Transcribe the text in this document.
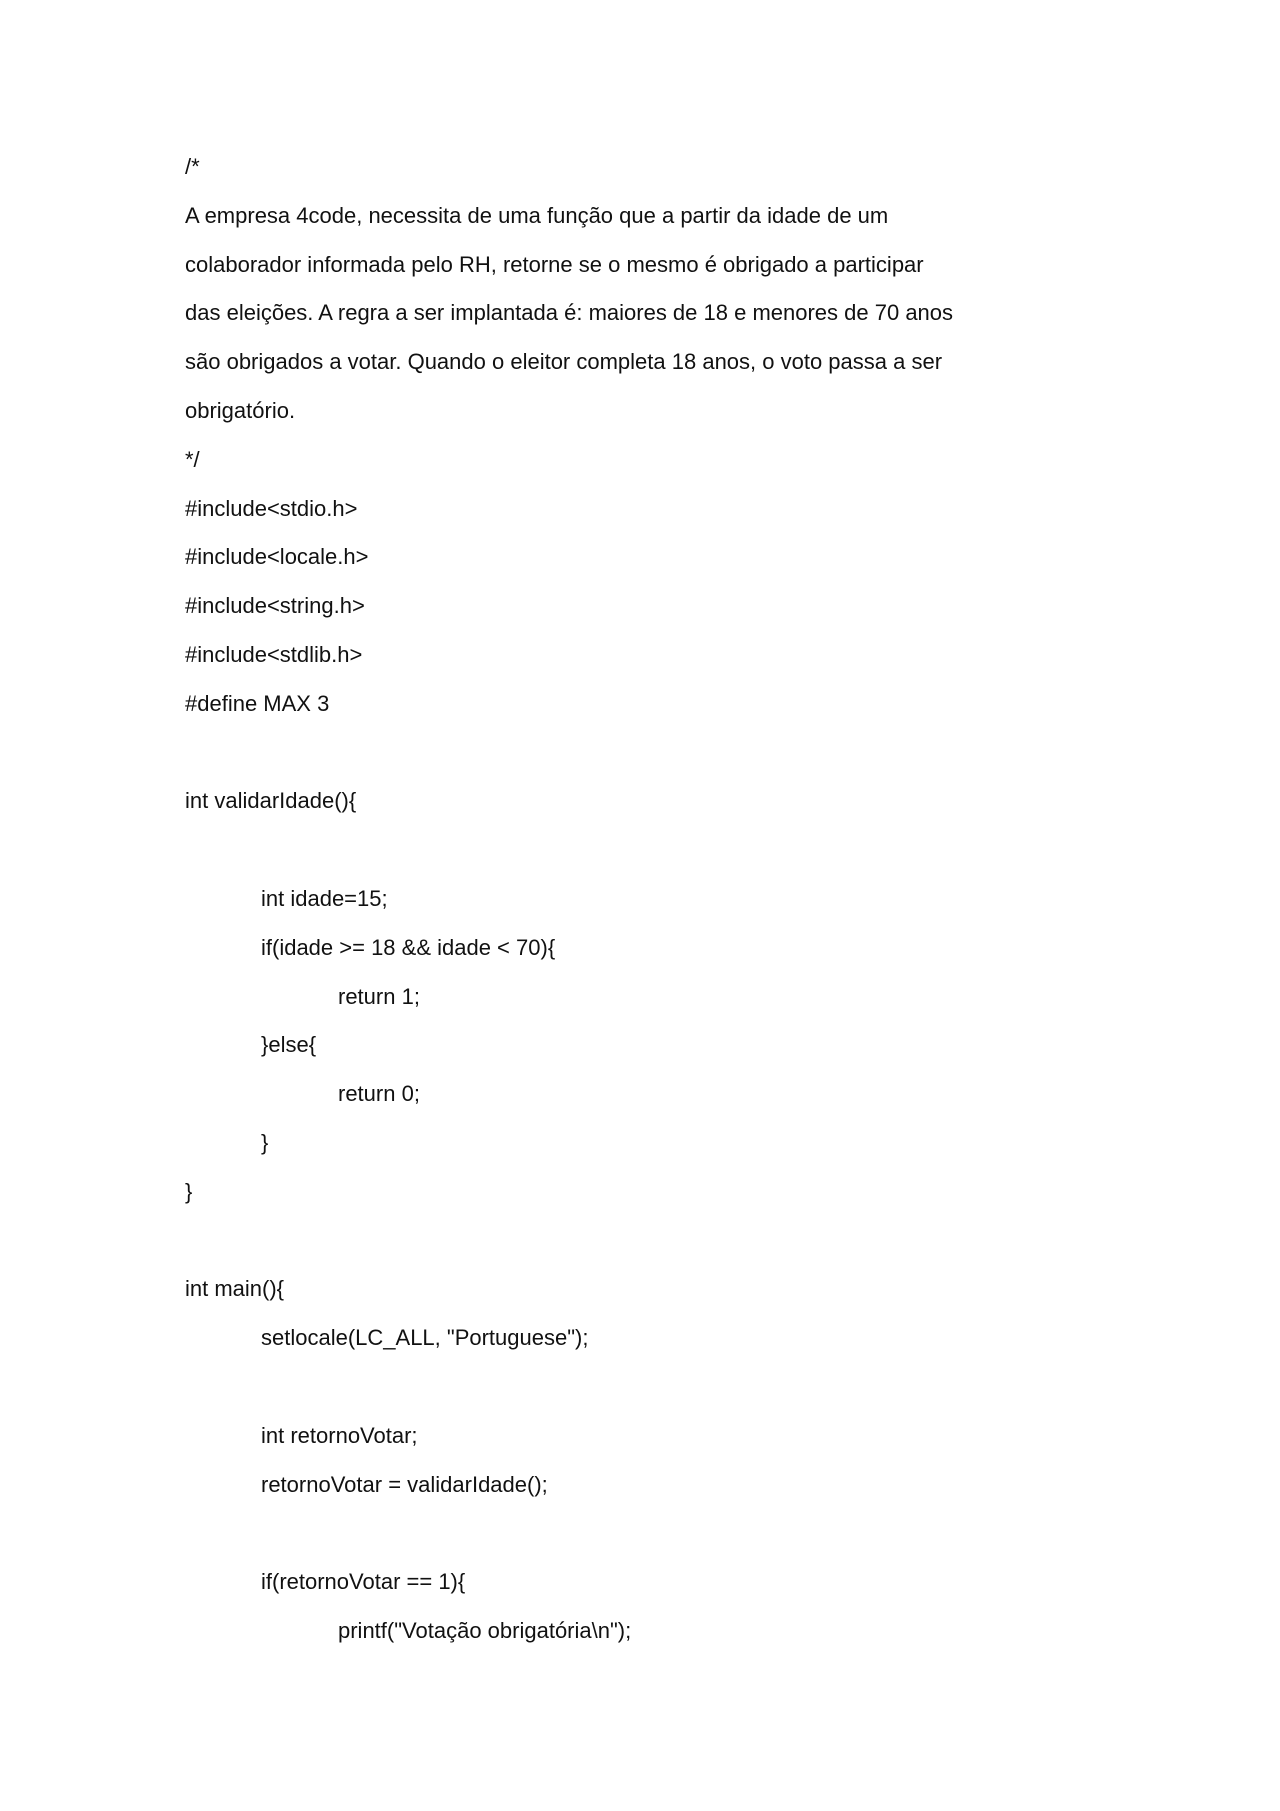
/*

A empresa 4code, necessita de uma função que a partir da idade de um

colaborador informada pelo RH, retorne se o mesmo é obrigado a participar

das eleições. A regra a ser implantada é: maiores de 18 e menores de 70 anos

são obrigados a votar. Quando o eleitor completa 18 anos, o voto passa a ser

obrigatório.

*/

#include<stdio.h>

#include<locale.h>

#include<string.h>

#include<stdlib.h>

#define MAX 3

int validarIdade(){

int idade=15;

if(idade >= 18 && idade < 70){

return 1;

}else{

return 0;

}

}

int main(){

setlocale(LC_ALL, "Portuguese");

int retornoVotar;

retornoVotar = validarIdade();

if(retornoVotar == 1){

printf("Votação obrigatória\n");
